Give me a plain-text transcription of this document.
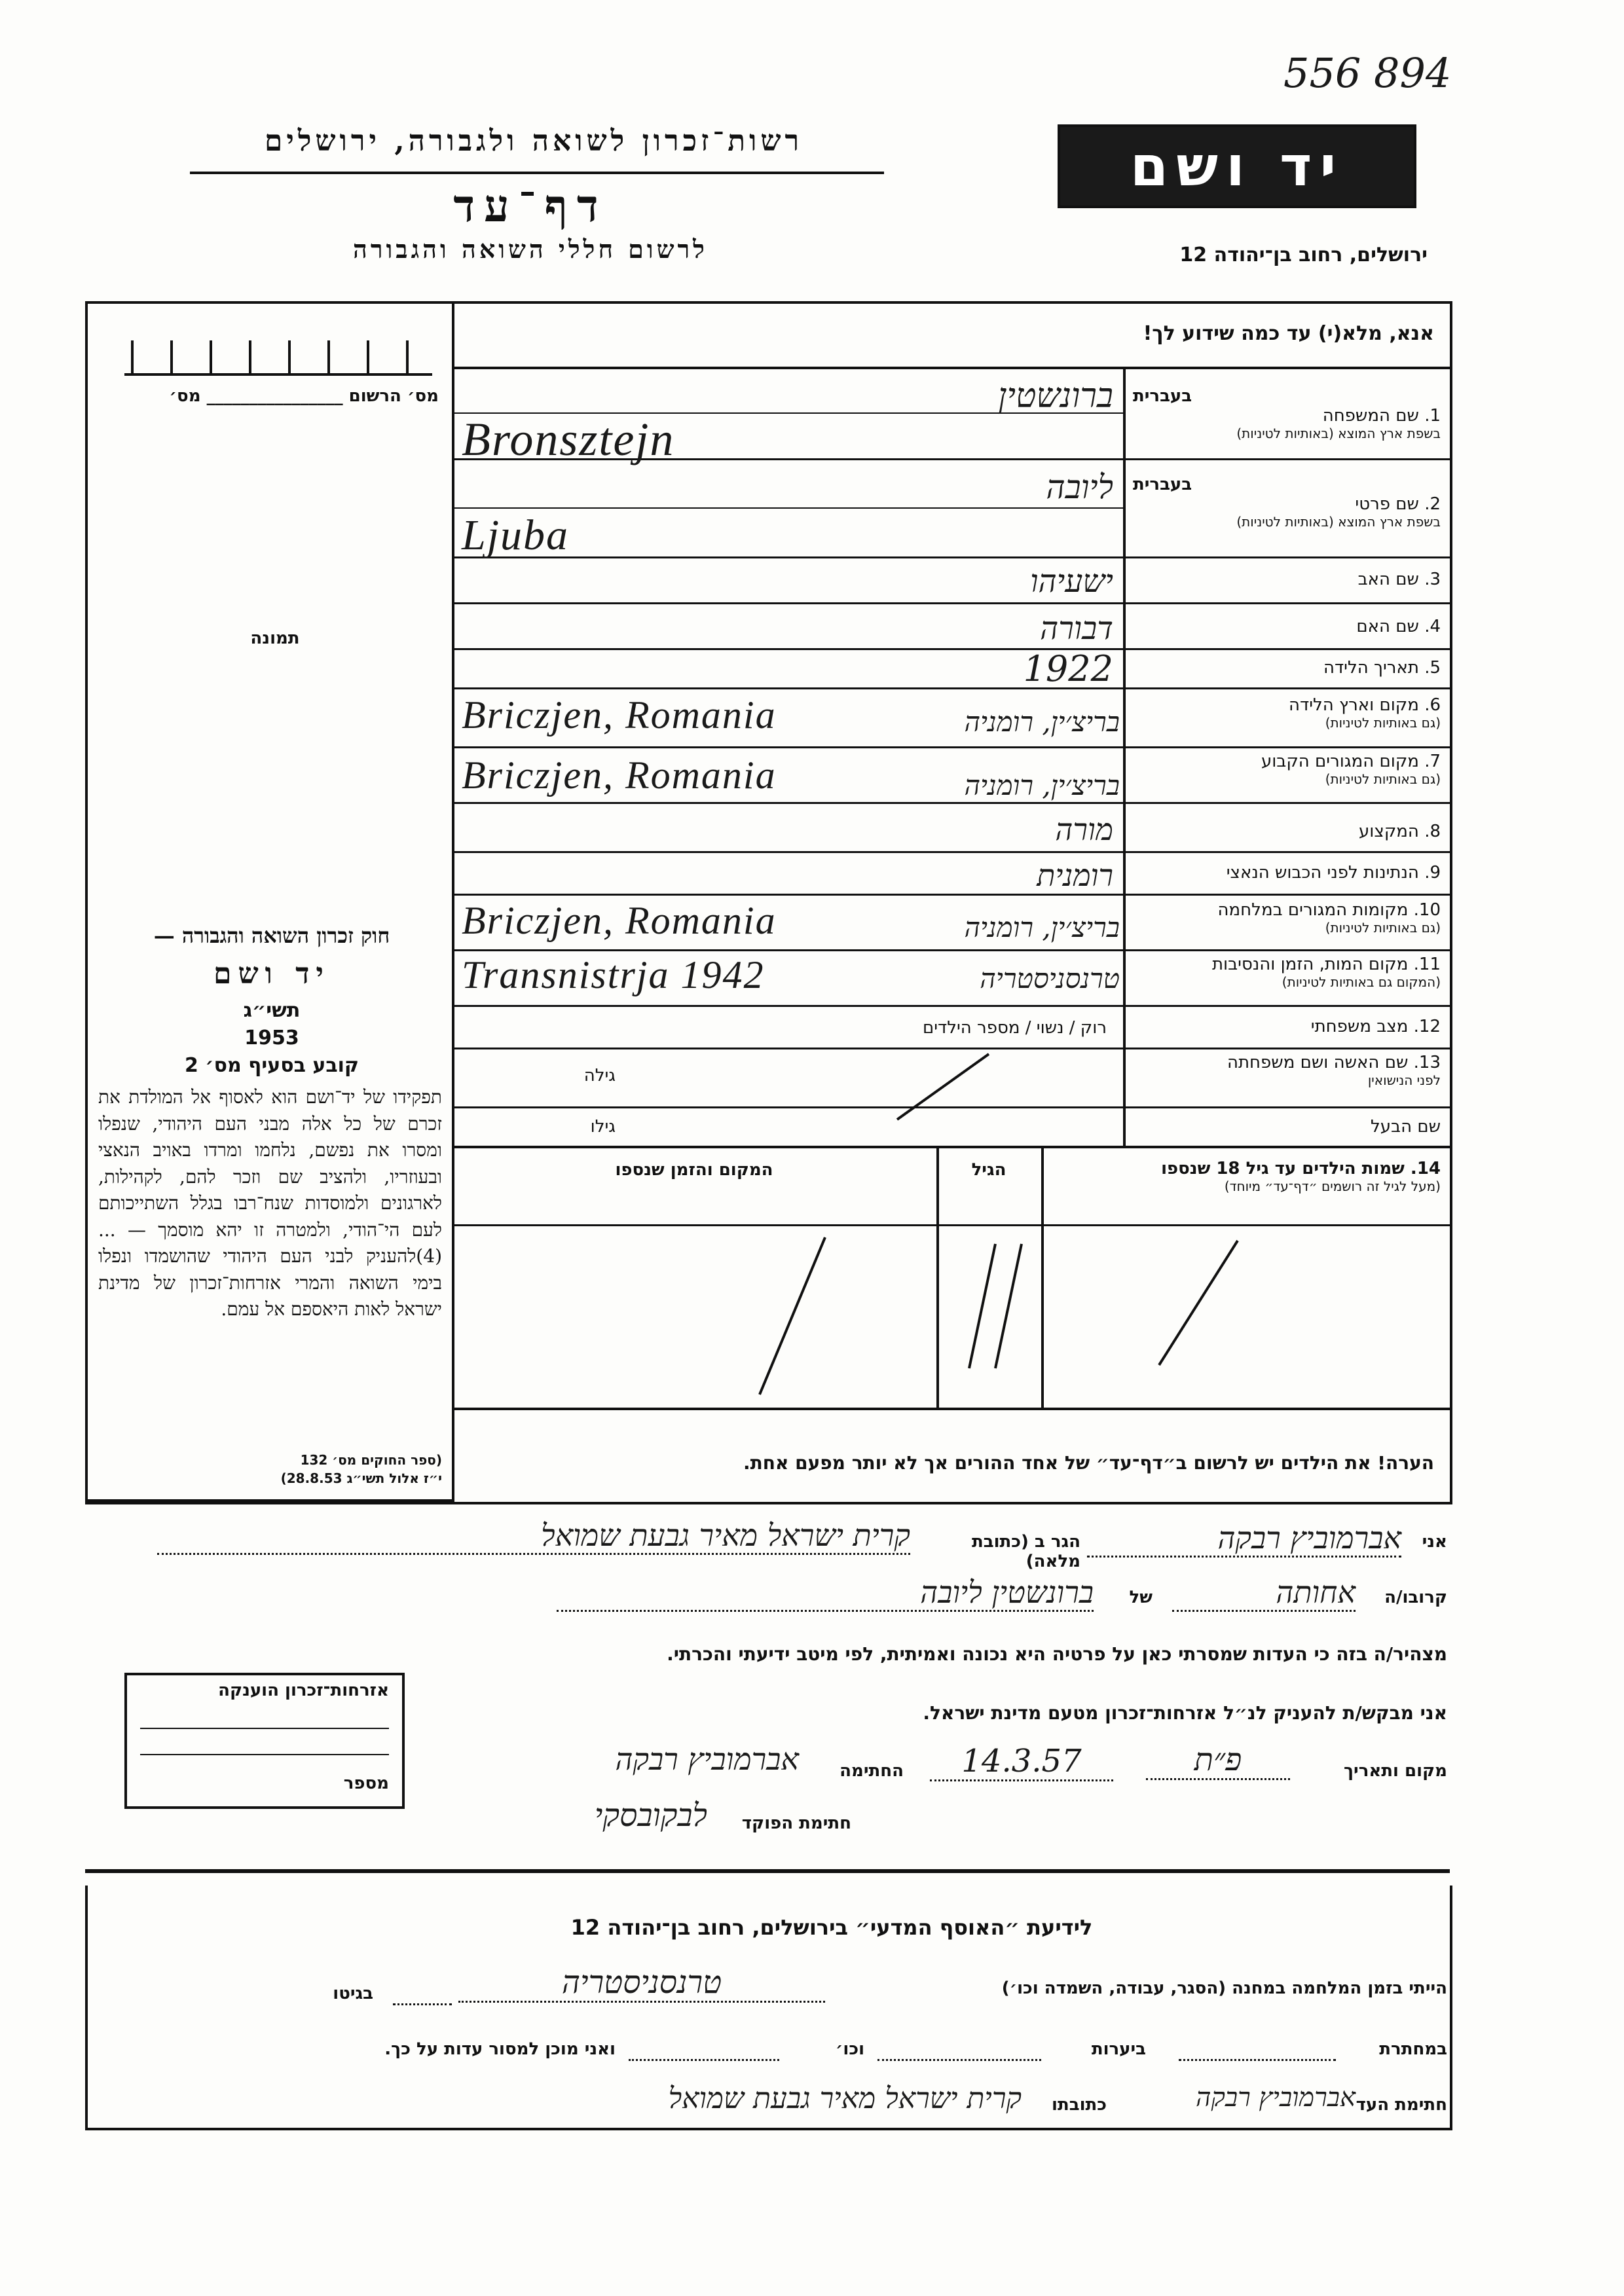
556 894
רשות־זכרון לשואה ולגבורה, ירושלים
דף־עד
לרשום חללי השואה והגבורה
יד ושם
ירושלים, רחוב בן־יהודה 12
אנא, מלא(י) עד כמה שידוע לך!
מס׳ הרשום ________________ מס׳
תמונה
חוק זכרון השואה והגבורה —
יד ושם
תשי״ג
1953
קובע בסעיף מס׳ 2
תפקידו של יד־ושם הוא לאסוף אל המולדת את זכרם של כל אלה מבני העם היהודי, שנפלו ומסרו את נפשם, נלחמו ומרדו באויב הנאצי ובעוזריו, ולהציב שם וזכר להם, לקהילות, לארגונים ולמוסדות שנח־רבו בגלל השתייכותם לעם הי־הודי, ולמטרה זו יהא מוסמך — ...(4)להעניק לבני העם היהודי שהושמדו ונפלו בימי השואה והמרי אזרחות־זכרון של מדינת ישראל לאות היאספם אל עמם.
(ספר החוקים מס׳ 132
י״ז אלול תשי״ג 28.8.53)
בעברית
1. שם המשפחה
בשפת ארץ המוצא (באותיות לטיניות)
ברונשטין
Bronsztejn
בעברית
2. שם פרטי
בשפת ארץ המוצא (באותיות לטיניות)
ליובה
Ljuba
3. שם האב
ישעיהו
4. שם האם
דבורה
5. תאריך הלידה
1922
6. מקום וארץ הלידה
(גם באותיות לטיניות)
בריצ׳ין, רומניה
Briczjen, Romania
7. מקום המגורים הקבוע
(גם באותיות לטיניות)
בריצ׳ין, רומניה
Briczjen, Romania
8. המקצוע
מורה
9. הנתינות לפני הכבוש הנאצי
רומנית
10. מקומות המגורים במלחמה
(גם באותיות לטיניות)
בריצ׳ין, רומניה
Briczjen, Romania
11. מקום המות, הזמן והנסיבות
(המקום גם באותיות לטיניות)
טרנסניסטריה
Transnistrja 1942
12. מצב משפחתי
רוק / נשוי / מספר הילדים
13. שם האשה ושם משפחתה
לפני הנישואין
גילה
שם הבעל
גילו
14. שמות הילדים עד גיל 18 שנספו
(מעל לגיל זה רושמים ״דף־עד״ מיוחד)
הגיל
המקום והזמן שנספו
הערה! את הילדים יש לרשום ב״דף־עד״ של אחד ההורים אך לא יותר מפעם אחת.
אני
אברמוביץ רבקה
הגר ב (כתובת מלאה)
קרית ישראל מאיר גבעת שמואל
קרובו/ה
אחותה
של
ברונשטין ליובה
מצהיר/ה בזה כי העדות שמסרתי כאן על פרטיה היא נכונה ואמיתית, לפי מיטב ידיעתי והכרתי.
אני מבקש/ת להעניק לנ״ל אזרחות־זכרון מטעם מדינת ישראל.
מקום ותאריך
פ״ת
14.3.57
החתימה
אברמוביץ רבקה
חתימת הפוקד
לבקובסקי
אזרחות־זכרון הוענקה
מספר
לידיעת ״האוסף המדעי״ בירושלים, רחוב בן־יהודה 12
הייתי בזמן המלחמה במחנה (הסגר, עבודה, השמדה וכו׳)
טרנסניסטריה
בגיטו
במחתרת
ביערות
וכו׳
ואני מוכן למסור עדות על כך.
חתימת העד
אברמוביץ רבקה
כתובתו
קרית ישראל מאיר גבעת שמואל
